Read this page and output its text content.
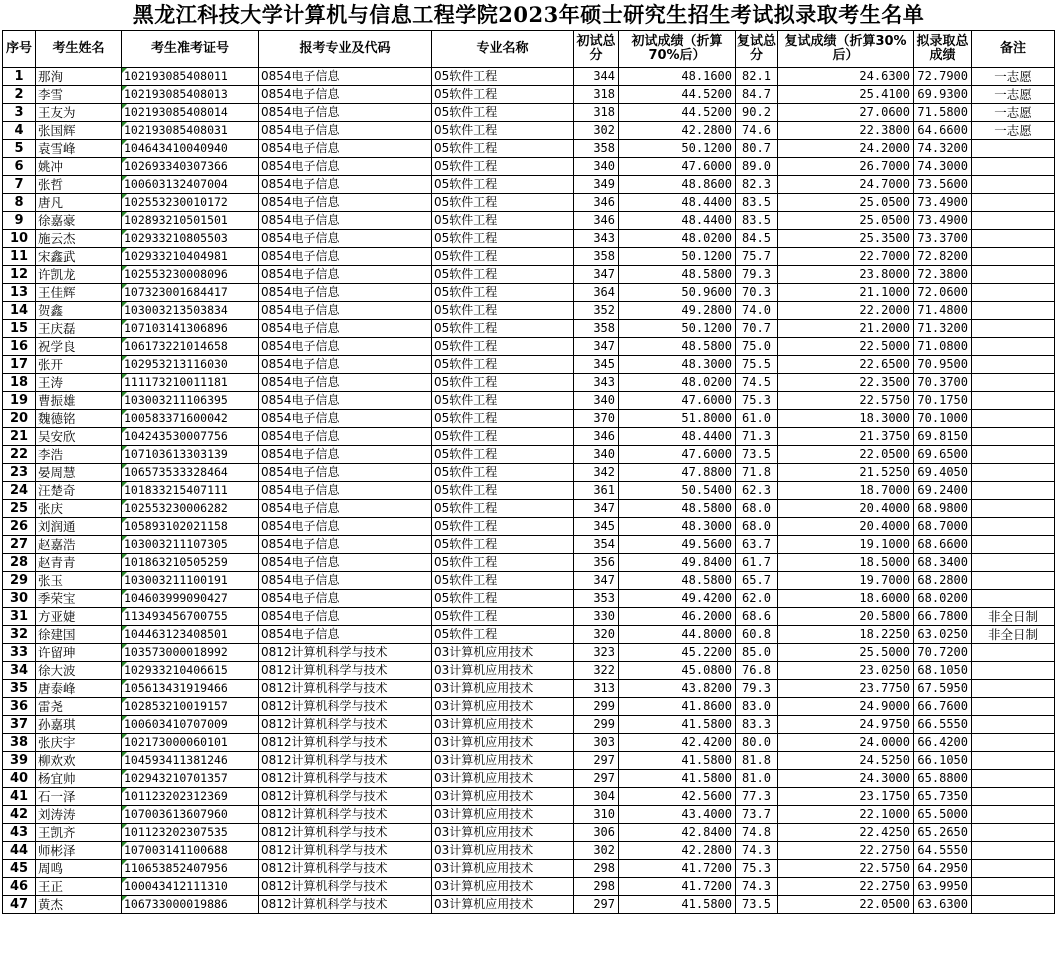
黑龙江科技大学计算机与信息工程学院2023年硕士研究生招生考试拟录取考生名单
序号	考生姓名	考生准考证号	报考专业及代码	专业名称	初试总分	初试成绩（折算70%后）	复试总分	复试成绩（折算30%后）	拟录取总成绩	备注
1	那洵	102193085408011	0854电子信息	05软件工程	344	48.1600	82.1	24.6300	72.7900	一志愿
2	李雪	102193085408013	0854电子信息	05软件工程	318	44.5200	84.7	25.4100	69.9300	一志愿
3	王友为	102193085408014	0854电子信息	05软件工程	318	44.5200	90.2	27.0600	71.5800	一志愿
4	张国辉	102193085408031	0854电子信息	05软件工程	302	42.2800	74.6	22.3800	64.6600	一志愿
5	袁雪峰	104643410040940	0854电子信息	05软件工程	358	50.1200	80.7	24.2000	74.3200	
6	姚冲	102693340307366	0854电子信息	05软件工程	340	47.6000	89.0	26.7000	74.3000	
7	张哲	100603132407004	0854电子信息	05软件工程	349	48.8600	82.3	24.7000	73.5600	
8	唐凡	102553230010172	0854电子信息	05软件工程	346	48.4400	83.5	25.0500	73.4900	
9	徐嘉豪	102893210501501	0854电子信息	05软件工程	346	48.4400	83.5	25.0500	73.4900	
10	施云杰	102933210805503	0854电子信息	05软件工程	343	48.0200	84.5	25.3500	73.3700	
11	宋鑫武	102933210404981	0854电子信息	05软件工程	358	50.1200	75.7	22.7000	72.8200	
12	许凯龙	102553230008096	0854电子信息	05软件工程	347	48.5800	79.3	23.8000	72.3800	
13	王佳辉	107323001684417	0854电子信息	05软件工程	364	50.9600	70.3	21.1000	72.0600	
14	贺鑫	103003213503834	0854电子信息	05软件工程	352	49.2800	74.0	22.2000	71.4800	
15	王庆磊	107103141306896	0854电子信息	05软件工程	358	50.1200	70.7	21.2000	71.3200	
16	祝学良	106173221014658	0854电子信息	05软件工程	347	48.5800	75.0	22.5000	71.0800	
17	张开	102953213116030	0854电子信息	05软件工程	345	48.3000	75.5	22.6500	70.9500	
18	王涛	111173210011181	0854电子信息	05软件工程	343	48.0200	74.5	22.3500	70.3700	
19	曹振雄	103003211106395	0854电子信息	05软件工程	340	47.6000	75.3	22.5750	70.1750	
20	魏德铭	100583371600042	0854电子信息	05软件工程	370	51.8000	61.0	18.3000	70.1000	
21	吴安欣	104243530007756	0854电子信息	05软件工程	346	48.4400	71.3	21.3750	69.8150	
22	李浩	107103613303139	0854电子信息	05软件工程	340	47.6000	73.5	22.0500	69.6500	
23	晏周慧	106573533328464	0854电子信息	05软件工程	342	47.8800	71.8	21.5250	69.4050	
24	汪楚奇	101833215407111	0854电子信息	05软件工程	361	50.5400	62.3	18.7000	69.2400	
25	张庆	102553230006282	0854电子信息	05软件工程	347	48.5800	68.0	20.4000	68.9800	
26	刘润通	105893102021158	0854电子信息	05软件工程	345	48.3000	68.0	20.4000	68.7000	
27	赵嘉浩	103003211107305	0854电子信息	05软件工程	354	49.5600	63.7	19.1000	68.6600	
28	赵青青	101863210505259	0854电子信息	05软件工程	356	49.8400	61.7	18.5000	68.3400	
29	张玉	103003211100191	0854电子信息	05软件工程	347	48.5800	65.7	19.7000	68.2800	
30	季荣宝	104603999090427	0854电子信息	05软件工程	353	49.4200	62.0	18.6000	68.0200	
31	方亚婕	113493456700755	0854电子信息	05软件工程	330	46.2000	68.6	20.5800	66.7800	非全日制
32	徐建国	104463123408501	0854电子信息	05软件工程	320	44.8000	60.8	18.2250	63.0250	非全日制
33	许留珅	103573000018992	0812计算机科学与技术	03计算机应用技术	323	45.2200	85.0	25.5000	70.7200	
34	徐大波	102933210406615	0812计算机科学与技术	03计算机应用技术	322	45.0800	76.8	23.0250	68.1050	
35	唐泰峰	105613431919466	0812计算机科学与技术	03计算机应用技术	313	43.8200	79.3	23.7750	67.5950	
36	雷尧	102853210019157	0812计算机科学与技术	03计算机应用技术	299	41.8600	83.0	24.9000	66.7600	
37	孙嘉琪	100603410707009	0812计算机科学与技术	03计算机应用技术	299	41.5800	83.3	24.9750	66.5550	
38	张庆宇	102173000060101	0812计算机科学与技术	03计算机应用技术	303	42.4200	80.0	24.0000	66.4200	
39	柳欢欢	104593411381246	0812计算机科学与技术	03计算机应用技术	297	41.5800	81.8	24.5250	66.1050	
40	杨宜帅	102943210701357	0812计算机科学与技术	03计算机应用技术	297	41.5800	81.0	24.3000	65.8800	
41	石一泽	101123202312369	0812计算机科学与技术	03计算机应用技术	304	42.5600	77.3	23.1750	65.7350	
42	刘涛涛	107003613607960	0812计算机科学与技术	03计算机应用技术	310	43.4000	73.7	22.1000	65.5000	
43	王凯齐	101123202307535	0812计算机科学与技术	03计算机应用技术	306	42.8400	74.8	22.4250	65.2650	
44	师彬泽	107003141100688	0812计算机科学与技术	03计算机应用技术	302	42.2800	74.3	22.2750	64.5550	
45	周鸣	110653852407956	0812计算机科学与技术	03计算机应用技术	298	41.7200	75.3	22.5750	64.2950	
46	王正	100043412111310	0812计算机科学与技术	03计算机应用技术	298	41.7200	74.3	22.2750	63.9950	
47	黄杰	106733000019886	0812计算机科学与技术	03计算机应用技术	297	41.5800	73.5	22.0500	63.6300	
